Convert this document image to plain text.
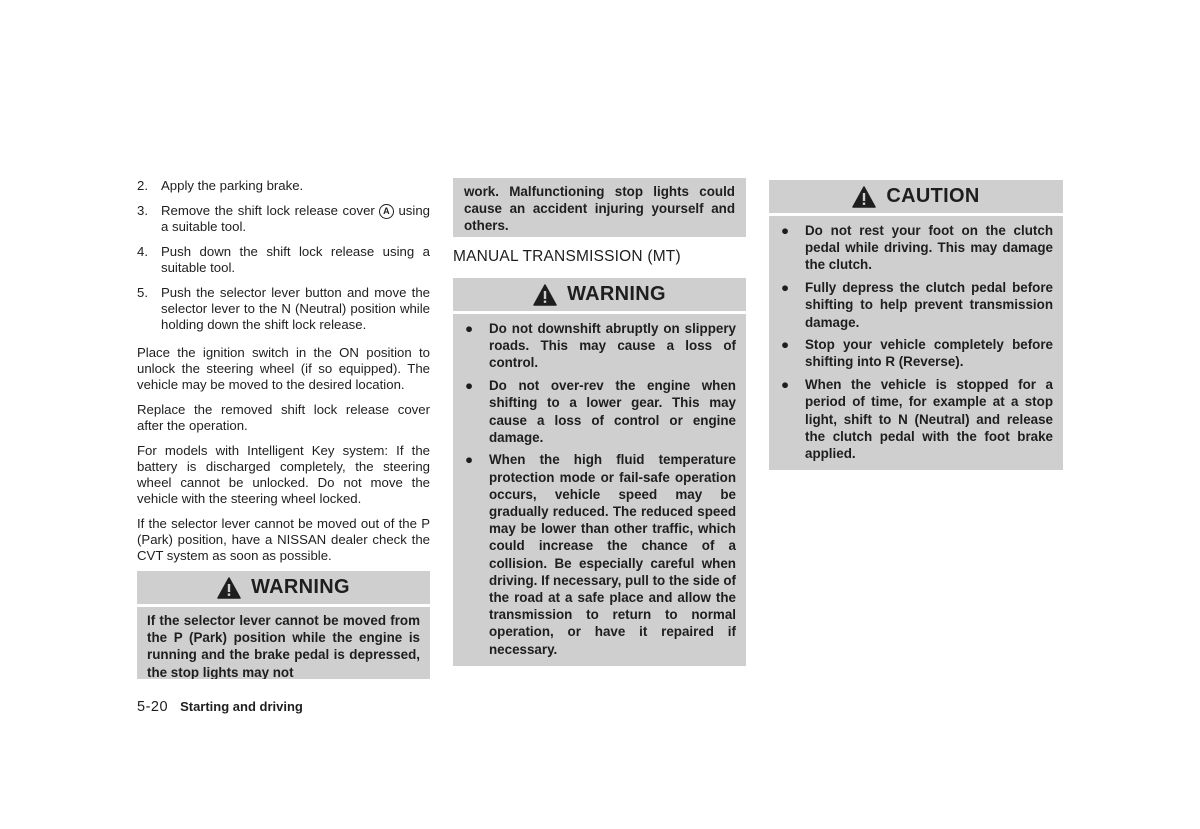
2. Apply the parking brake.
3. Remove the shift lock release cover A using a suitable tool.
4. Push down the shift lock release using a suitable tool.
5. Push the selector lever button and move the selector lever to the N (Neutral) position while holding down the shift lock release.

Place the ignition switch in the ON position to unlock the steering wheel (if so equipped). The vehicle may be moved to the desired location.

Replace the removed shift lock release cover after the operation.

For models with Intelligent Key system: If the battery is discharged completely, the steering wheel cannot be unlocked. Do not move the vehicle with the steering wheel locked.

If the selector lever cannot be moved out of the P (Park) position, have a NISSAN dealer check the CVT system as soon as possible.

WARNING
If the selector lever cannot be moved from the P (Park) position while the engine is running and the brake pedal is depressed, the stop lights may not
work. Malfunctioning stop lights could cause an accident injuring yourself and others.
MANUAL TRANSMISSION (MT)
WARNING
●	Do not downshift abruptly on slippery roads. This may cause a loss of control.
●	Do not over-rev the engine when shifting to a lower gear. This may cause a loss of control or engine damage.
●	When the high fluid temperature protection mode or fail-safe operation occurs, vehicle speed may be gradually reduced. The reduced speed may be lower than other traffic, which could increase the chance of a collision. Be especially careful when driving. If necessary, pull to the side of the road at a safe place and allow the transmission to return to normal operation, or have it repaired if necessary.
CAUTION
●	Do not rest your foot on the clutch pedal while driving. This may damage the clutch.
●	Fully depress the clutch pedal before shifting to help prevent transmission damage.
●	Stop your vehicle completely before shifting into R (Reverse).
●	When the vehicle is stopped for a period of time, for example at a stop light, shift to N (Neutral) and release the clutch pedal with the foot brake applied.
5-20 Starting and driving
